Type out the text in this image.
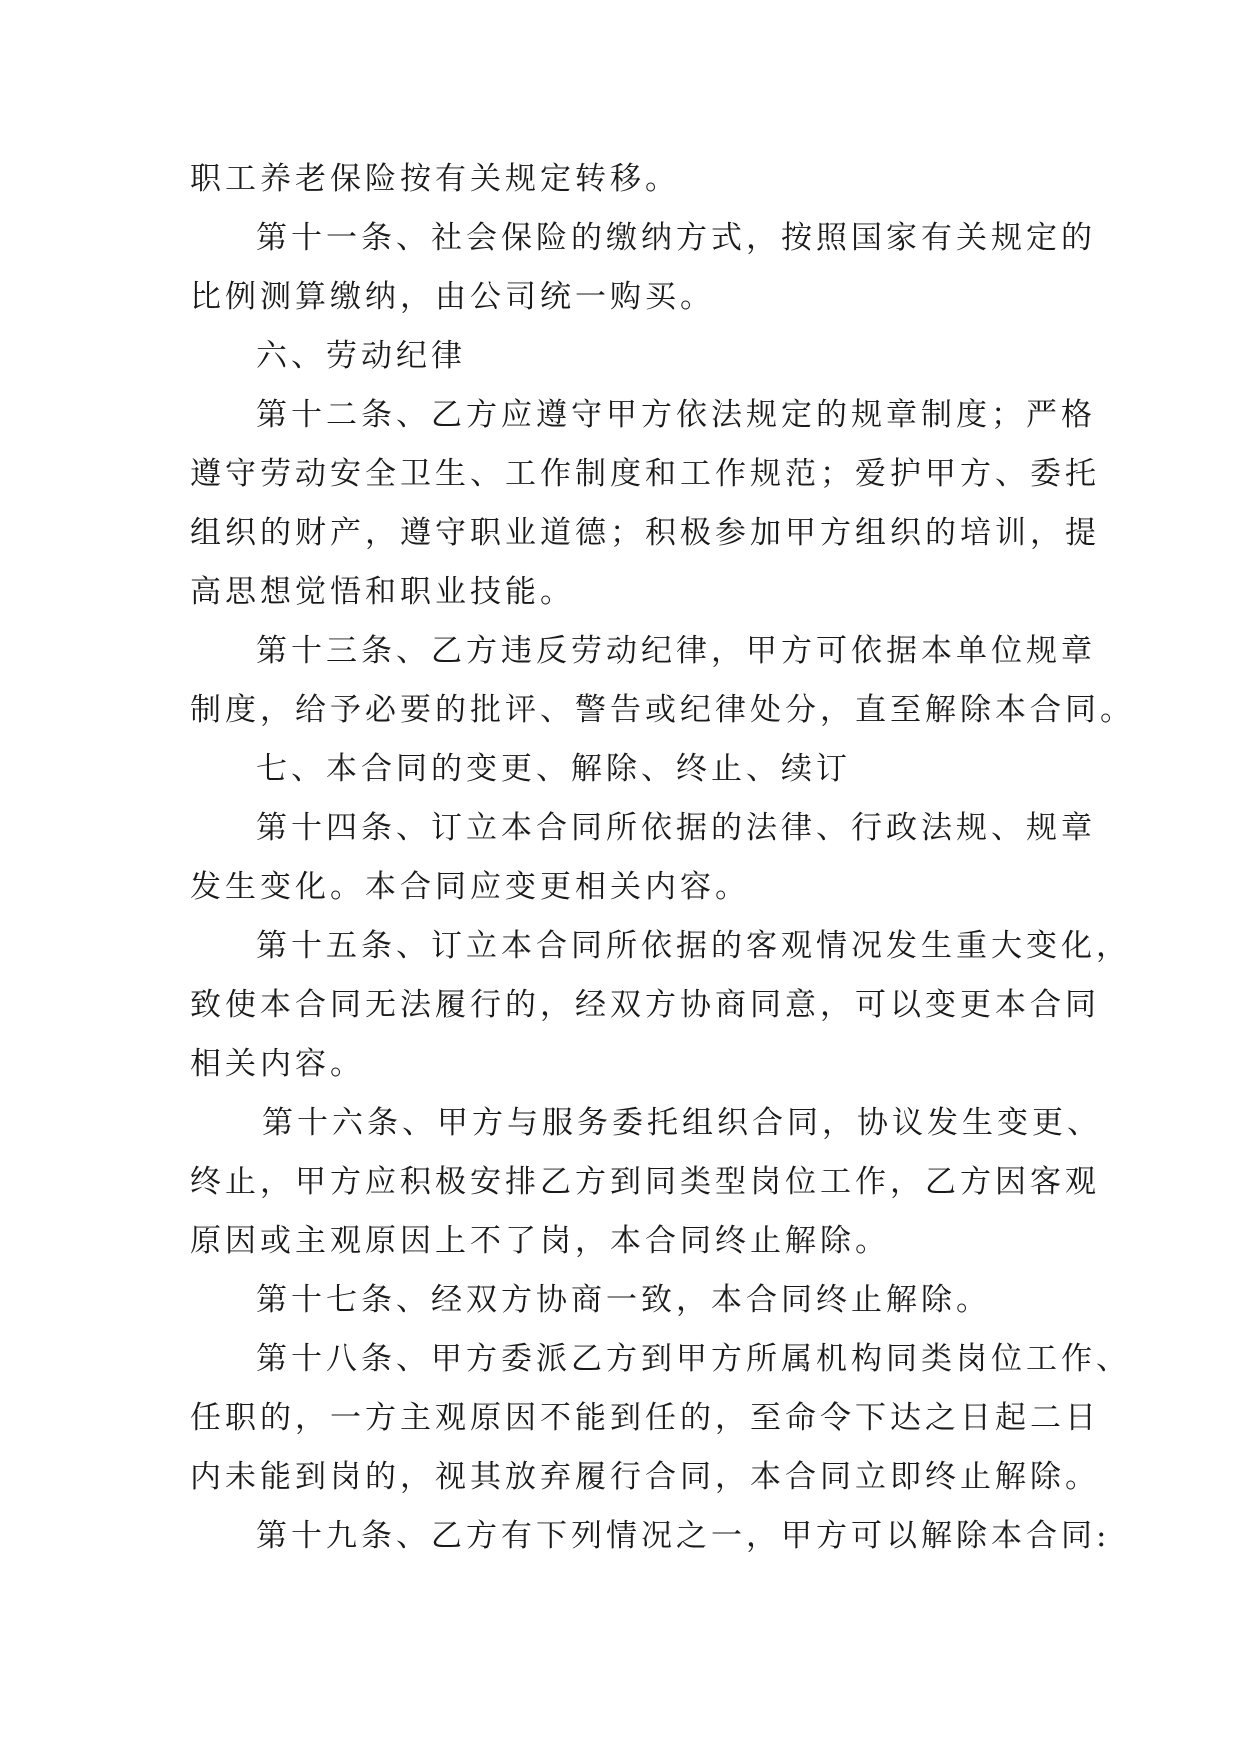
职工养老保险按有关规定转移。
第十一条、社会保险的缴纳方式，按照国家有关规定的
比例测算缴纳，由公司统一购买。
六、劳动纪律
第十二条、乙方应遵守甲方依法规定的规章制度；严格
遵守劳动安全卫生、工作制度和工作规范；爱护甲方、委托
组织的财产，遵守职业道德；积极参加甲方组织的培训，提
高思想觉悟和职业技能。
第十三条、乙方违反劳动纪律，甲方可依据本单位规章
制度，给予必要的批评、警告或纪律处分，直至解除本合同。
七、本合同的变更、解除、终止、续订
第十四条、订立本合同所依据的法律、行政法规、规章
发生变化。本合同应变更相关内容。
第十五条、订立本合同所依据的客观情况发生重大变化，
致使本合同无法履行的，经双方协商同意，可以变更本合同
相关内容。
第十六条、甲方与服务委托组织合同，协议发生变更、
终止，甲方应积极安排乙方到同类型岗位工作，乙方因客观
原因或主观原因上不了岗，本合同终止解除。
第十七条、经双方协商一致，本合同终止解除。
第十八条、甲方委派乙方到甲方所属机构同类岗位工作、
任职的，一方主观原因不能到任的，至命令下达之日起二日
内未能到岗的，视其放弃履行合同，本合同立即终止解除。
第十九条、乙方有下列情况之一，甲方可以解除本合同:
